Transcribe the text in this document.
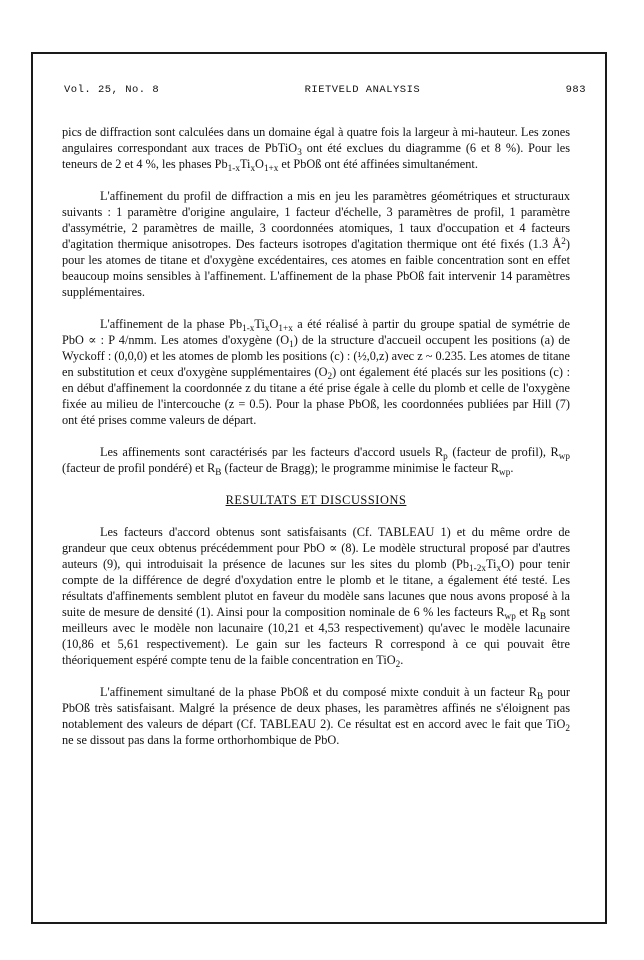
Vol. 25, No. 8	RIETVELD ANALYSIS	983

pics de diffraction sont calculées dans un domaine égal à quatre fois la largeur à mi-hauteur. Les zones angulaires correspondant aux traces de PbTiO$_3$ ont été exclues du diagramme (6 et 8 %). Pour les teneurs de 2 et 4 %, les phases $Pb_{1-x}Ti_xO_{1+x}$ et PbOß ont été affinées simultanément.

L'affinement du profil de diffraction a mis en jeu les paramètres géométriques et structuraux suivants : 1 paramètre d'origine angulaire, 1 facteur d'échelle, 3 paramètres de profil, 1 paramètre d'assymétrie, 2 paramètres de maille, 3 coordonnées atomiques, 1 taux d'occupation et 4 facteurs d'agitation thermique anisotropes. Des facteurs isotropes d'agitation thermique ont été fixés (1.3 $Å^2$) pour les atomes de titane et d'oxygène excédentaires, ces atomes en faible concentration sont en effet beaucoup moins sensibles à l'affinement. L'affinement de la phase PbOß fait intervenir 14 paramètres supplémentaires.

L'affinement de la phase $Pb_{1-x}Ti_xO_{1+x}$ a été réalisé à partir du groupe spatial de symétrie de PbO ∝ : P 4/nmm. Les atomes d'oxygène $(O_1)$ de la structure d'accueil occupent les positions (a) de Wyckoff : (0,0,0) et les atomes de plomb les positions (c) : (½,0,z) avec z ~ 0.235. Les atomes de titane en substitution et ceux d'oxygène supplémentaires $(O_2)$ ont également été placés sur les positions (c) : en début d'affinement la coordonnée z du titane a été prise égale à celle du plomb et celle de l'oxygène fixée au milieu de l'intercouche (z = 0.5). Pour la phase PbOß, les coordonnées publiées par Hill (7) ont été prises comme valeurs de départ.

Les affinements sont caractérisés par les facteurs d'accord usuels $R_p$ (facteur de profil), $R_{wp}$ (facteur de profil pondéré) et $R_B$ (facteur de Bragg); le programme minimise le facteur $R_{wp}$.

RESULTATS ET DISCUSSIONS

Les facteurs d'accord obtenus sont satisfaisants (Cf. TABLEAU 1) et du même ordre de grandeur que ceux obtenus précédemment pour PbO ∝ (8). Le modèle structural proposé par d'autres auteurs (9), qui introduisait la présence de lacunes sur les sites du plomb $(Pb_{1-2x}Ti_xO)$ pour tenir compte de la différence de degré d'oxydation entre le plomb et le titane, a également été testé. Les résultats d'affinements semblent plutot en faveur du modèle sans lacunes que nous avons proposé à la suite de mesure de densité (1). Ainsi pour la composition nominale de 6 % les facteurs $R_{wp}$ et $R_B$ sont meilleurs avec le modèle non lacunaire (10,21 et 4,53 respectivement) qu'avec le modèle lacunaire (10,86 et 5,61 respectivement). Le gain sur les facteurs R correspond à ce qui pouvait être théoriquement espéré compte tenu de la faible concentration en TiO$_2$.

L'affinement simultané de la phase PbOß et du composé mixte conduit à un facteur $R_B$ pour PbOß très satisfaisant. Malgré la présence de deux phases, les paramètres affinés ne s'éloignent pas notablement des valeurs de départ (Cf. TABLEAU 2). Ce résultat est en accord avec le fait que TiO$_2$ ne se dissout pas dans la forme orthorhombique de PbO.
